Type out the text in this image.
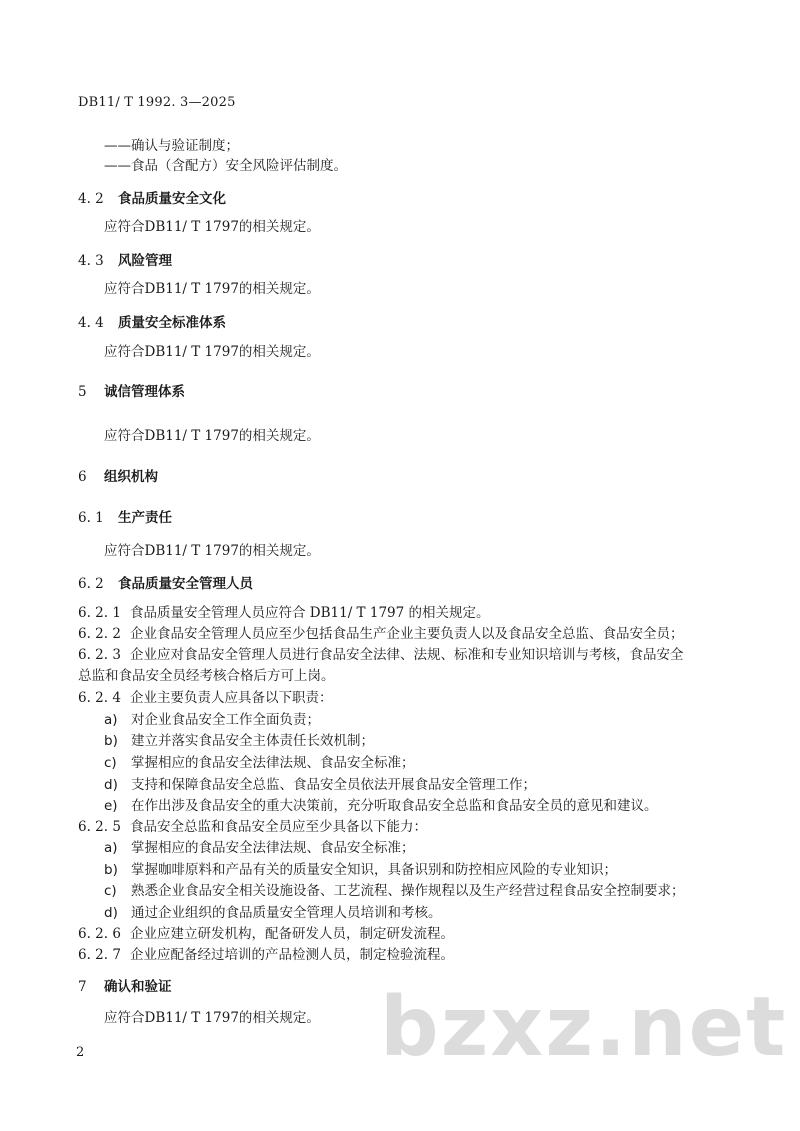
DB11/ T 1992. 3—2025
——确认与验证制度；
——食品（含配方）安全风险评估制度。
4. 2 食品质量安全文化
应符合DB11/ T 1797的相关规定。
4. 3 风险管理
应符合DB11/ T 1797的相关规定。
4. 4 质量安全标准体系
应符合DB11/ T 1797的相关规定。
5 诚信管理体系
应符合DB11/ T 1797的相关规定。
6 组织机构
6. 1 生产责任
应符合DB11/ T 1797的相关规定。
6. 2 食品质量安全管理人员
6. 2. 1 食品质量安全管理人员应符合 DB11/ T 1797 的相关规定。
6. 2. 2 企业食品安全管理人员应至少包括食品生产企业主要负责人以及食品安全总监、食品安全员；
6. 2. 3 企业应对食品安全管理人员进行食品安全法律、法规、标准和专业知识培训与考核，食品安全
总监和食品安全员经考核合格后方可上岗。
6. 2. 4 企业主要负责人应具备以下职责：
a) 对企业食品安全工作全面负责；
b) 建立并落实食品安全主体责任长效机制；
c) 掌握相应的食品安全法律法规、食品安全标准；
d) 支持和保障食品安全总监、食品安全员依法开展食品安全管理工作；
e) 在作出涉及食品安全的重大决策前，充分听取食品安全总监和食品安全员的意见和建议。
6. 2. 5 食品安全总监和食品安全员应至少具备以下能力：
a) 掌握相应的食品安全法律法规、食品安全标准；
b) 掌握咖啡原料和产品有关的质量安全知识，具备识别和防控相应风险的专业知识；
c) 熟悉企业食品安全相关设施设备、工艺流程、操作规程以及生产经营过程食品安全控制要求；
d) 通过企业组织的食品质量安全管理人员培训和考核。
6. 2. 6 企业应建立研发机构，配备研发人员，制定研发流程。
6. 2. 7 企业应配备经过培训的产品检测人员，制定检验流程。
7 确认和验证
应符合DB11/ T 1797的相关规定。 bzxz.net
2
